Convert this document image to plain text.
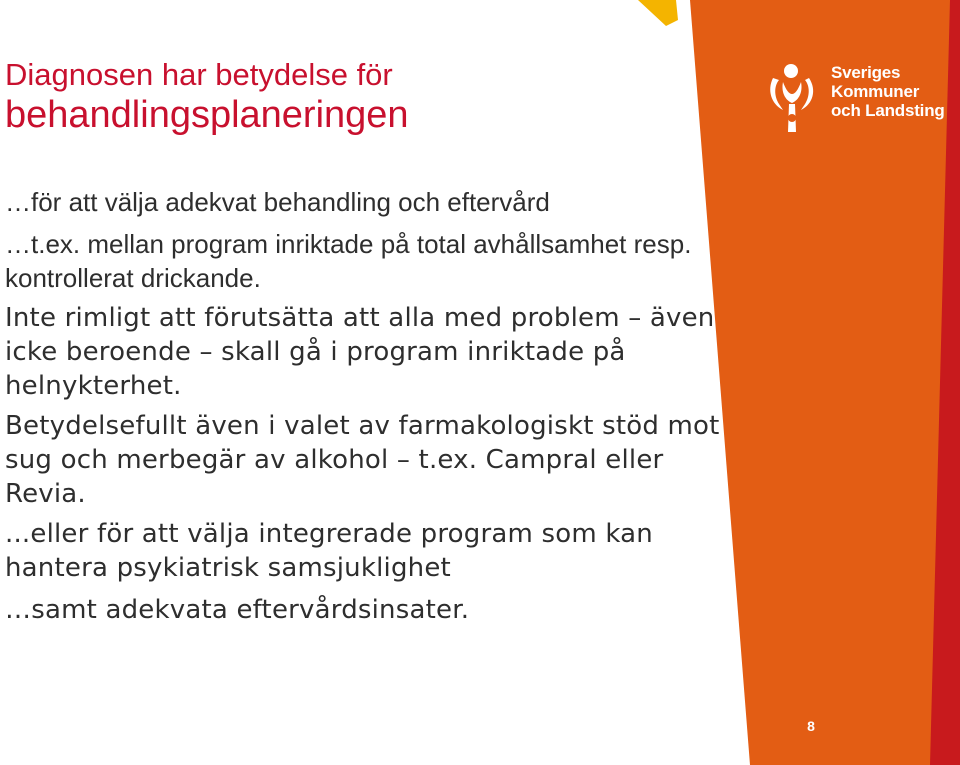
Diagnosen har betydelse för
behandlingsplaneringen

…för att välja adekvat behandling och eftervård

…t.ex. mellan program inriktade på total avhållsamhet resp. kontrollerat drickande.

Inte rimligt att förutsätta att alla med problem – även icke beroende – skall gå i program inriktade på helnykterhet.

Betydelsefullt även i valet av farmakologiskt stöd mot sug och merbegär av alkohol – t.ex. Campral eller Revia.

...eller för att välja integrerade program som kan hantera psykiatrisk samsjuklighet

…samt adekvata eftervårdsinsater.

Sveriges
Kommuner
och Landsting
8
